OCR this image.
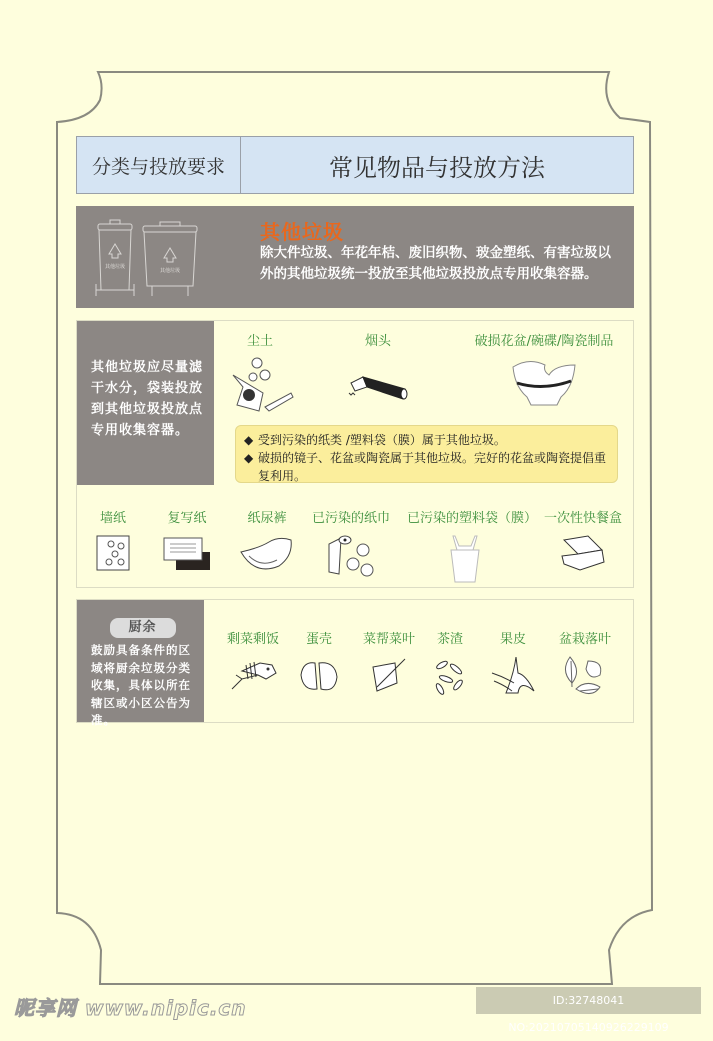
分类与投放要求	常见物品与投放方法
其他垃圾
其他垃圾
其他垃圾
除大件垃圾、年花年桔、废旧织物、玻金塑纸、有害垃圾以外的其他垃圾统一投放至其他垃圾投放点专用收集容器。
其他垃圾应尽量滤干水分，袋装投放到其他垃圾投放点专用收集容器。
尘土	烟头	破损花盆/碗碟/陶瓷制品
◆ 受到污染的纸类 /塑料袋（膜）属于其他垃圾。
◆ 破损的镜子、花盆或陶瓷属于其他垃圾。完好的花盆或陶瓷提倡重复利用。
墙纸	复写纸	纸尿裤	已污染的纸巾 已污染的塑料袋（膜） 一次性快餐盒
厨余
鼓励具备条件的区域将厨余垃圾分类收集，具体以所在辖区或小区公告为准。
剩菜剩饭	蛋壳	菜帮菜叶	茶渣	果皮	盆栽落叶
昵享网 www.nipic.cn	ID:32748041 NO:20210705140926229109
